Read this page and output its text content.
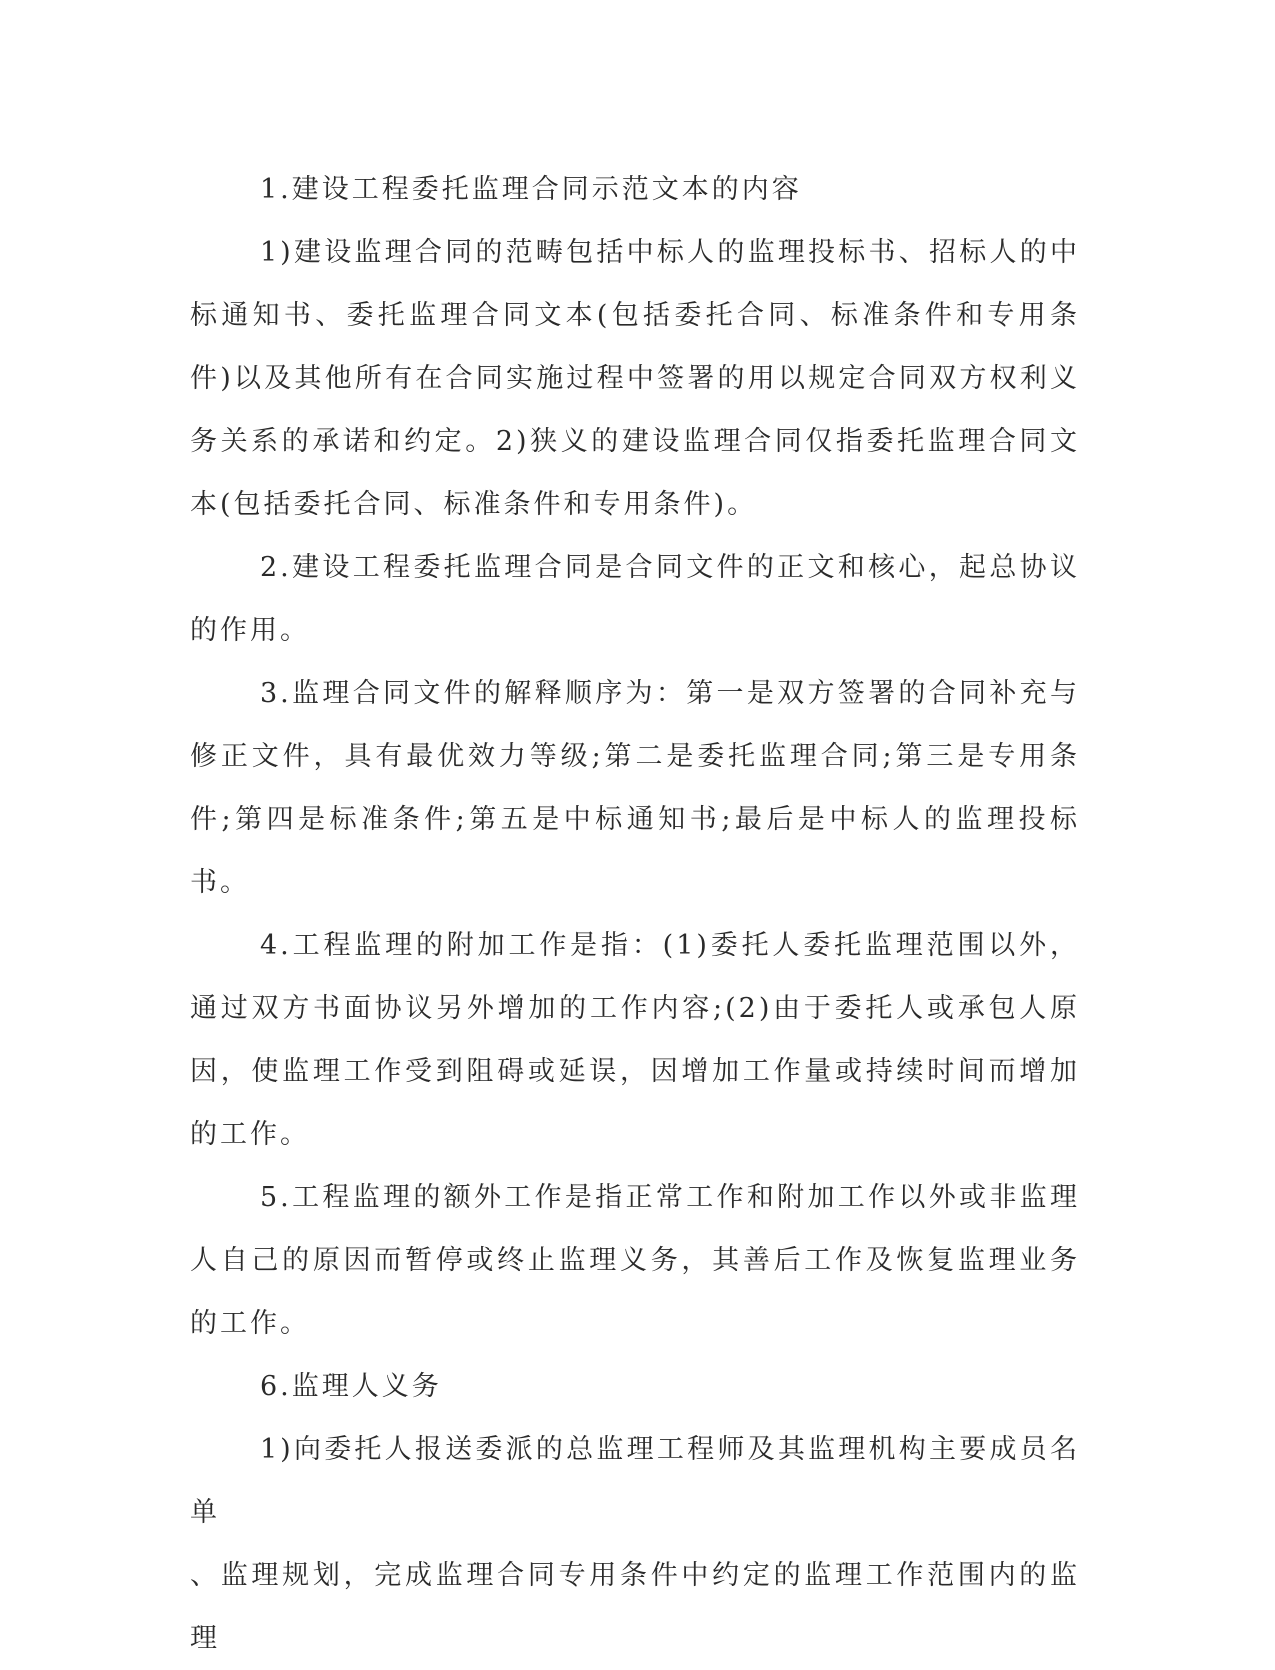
1.建设工程委托监理合同示范文本的内容

1)建设监理合同的范畴包括中标人的监理投标书、招标人的中标通知书、委托监理合同文本(包括委托合同、标准条件和专用条件)以及其他所有在合同实施过程中签署的用以规定合同双方权利义务关系的承诺和约定。2)狭义的建设监理合同仅指委托监理合同文本(包括委托合同、标准条件和专用条件)。

2.建设工程委托监理合同是合同文件的正文和核心，起总协议的作用。

3.监理合同文件的解释顺序为：第一是双方签署的合同补充与修正文件，具有最优效力等级;第二是委托监理合同;第三是专用条件;第四是标准条件;第五是中标通知书;最后是中标人的监理投标书。

4.工程监理的附加工作是指：(1)委托人委托监理范围以外，通过双方书面协议另外增加的工作内容;(2)由于委托人或承包人原因，使监理工作受到阻碍或延误，因增加工作量或持续时间而增加的工作。

5.工程监理的额外工作是指正常工作和附加工作以外或非监理人自己的原因而暂停或终止监理义务，其善后工作及恢复监理业务的工作。

6.监理人义务

1)向委托人报送委派的总监理工程师及其监理机构主要成员名单

、监理规划，完成监理合同专用条件中约定的监理工作范围内的监理
